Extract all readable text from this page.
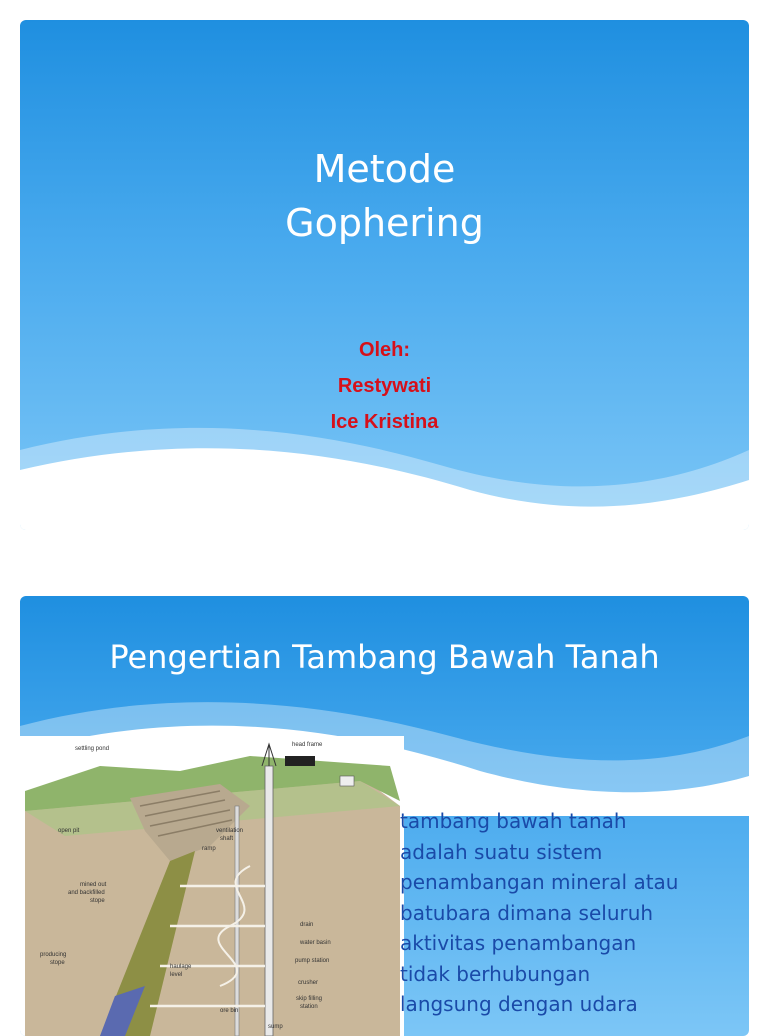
Metode
Gophering
Oleh:
Restywati
Ice Kristina
Pengertian Tambang Bawah Tanah
settling pond
head frame
open pit	ventilation
shaft
ramp
mined out
and backfilled
stope
drain
water basin
pump station
producing
stope
haulage
level
crusher
skip filling
station
ore bin
sump
tambang bawah tanah
adalah suatu sistem
penambangan mineral atau
batubara dimana seluruh
aktivitas penambangan
tidak berhubungan
langsung dengan udara
